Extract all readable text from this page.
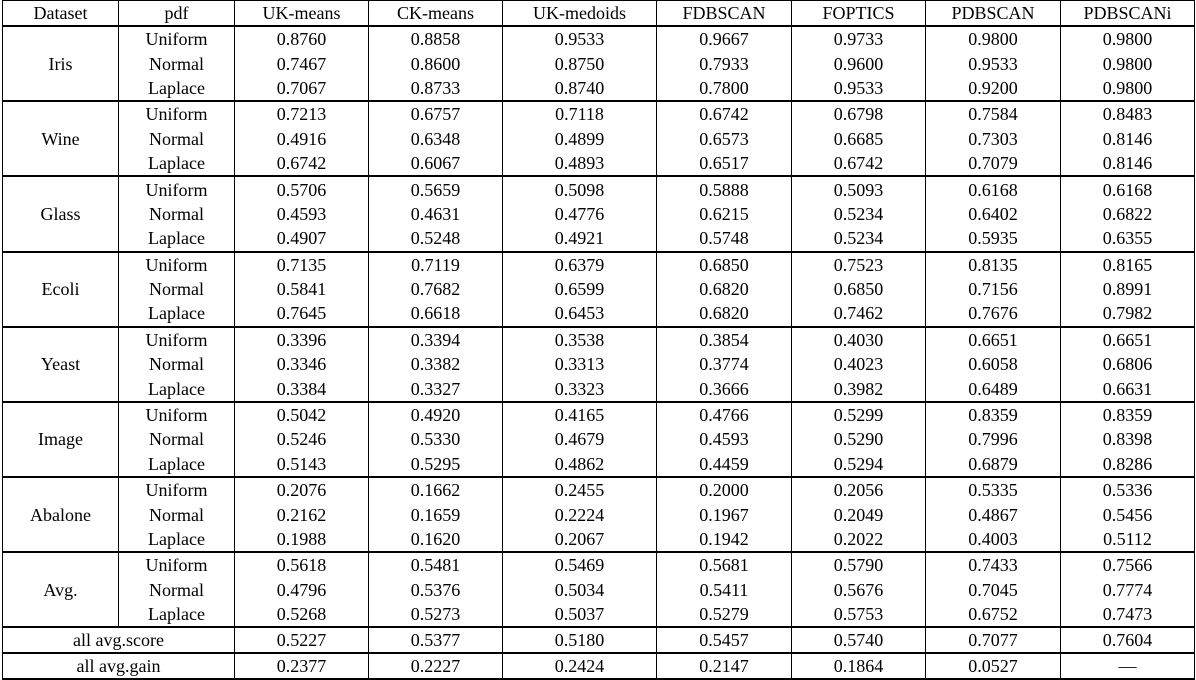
Dataset	pdf	UK-means	CK-means	UK-medoids	FDBSCAN	FOPTICS	PDBSCAN	PDBSCANi
Iris	Uniform	0.8760	0.8858	0.9533	0.9667	0.9733	0.9800	0.9800
	Normal	0.7467	0.8600	0.8750	0.7933	0.9600	0.9533	0.9800
	Laplace	0.7067	0.8733	0.8740	0.7800	0.9533	0.9200	0.9800
Wine	Uniform	0.7213	0.6757	0.7118	0.6742	0.6798	0.7584	0.8483
	Normal	0.4916	0.6348	0.4899	0.6573	0.6685	0.7303	0.8146
	Laplace	0.6742	0.6067	0.4893	0.6517	0.6742	0.7079	0.8146
Glass	Uniform	0.5706	0.5659	0.5098	0.5888	0.5093	0.6168	0.6168
	Normal	0.4593	0.4631	0.4776	0.6215	0.5234	0.6402	0.6822
	Laplace	0.4907	0.5248	0.4921	0.5748	0.5234	0.5935	0.6355
Ecoli	Uniform	0.7135	0.7119	0.6379	0.6850	0.7523	0.8135	0.8165
	Normal	0.5841	0.7682	0.6599	0.6820	0.6850	0.7156	0.8991
	Laplace	0.7645	0.6618	0.6453	0.6820	0.7462	0.7676	0.7982
Yeast	Uniform	0.3396	0.3394	0.3538	0.3854	0.4030	0.6651	0.6651
	Normal	0.3346	0.3382	0.3313	0.3774	0.4023	0.6058	0.6806
	Laplace	0.3384	0.3327	0.3323	0.3666	0.3982	0.6489	0.6631
Image	Uniform	0.5042	0.4920	0.4165	0.4766	0.5299	0.8359	0.8359
	Normal	0.5246	0.5330	0.4679	0.4593	0.5290	0.7996	0.8398
	Laplace	0.5143	0.5295	0.4862	0.4459	0.5294	0.6879	0.8286
Abalone	Uniform	0.2076	0.1662	0.2455	0.2000	0.2056	0.5335	0.5336
	Normal	0.2162	0.1659	0.2224	0.1967	0.2049	0.4867	0.5456
	Laplace	0.1988	0.1620	0.2067	0.1942	0.2022	0.4003	0.5112
Avg.	Uniform	0.5618	0.5481	0.5469	0.5681	0.5790	0.7433	0.7566
	Normal	0.4796	0.5376	0.5034	0.5411	0.5676	0.7045	0.7774
	Laplace	0.5268	0.5273	0.5037	0.5279	0.5753	0.6752	0.7473
all avg.score		0.5227	0.5377	0.5180	0.5457	0.5740	0.7077	0.7604
all avg.gain		0.2377	0.2227	0.2424	0.2147	0.1864	0.0527	—
